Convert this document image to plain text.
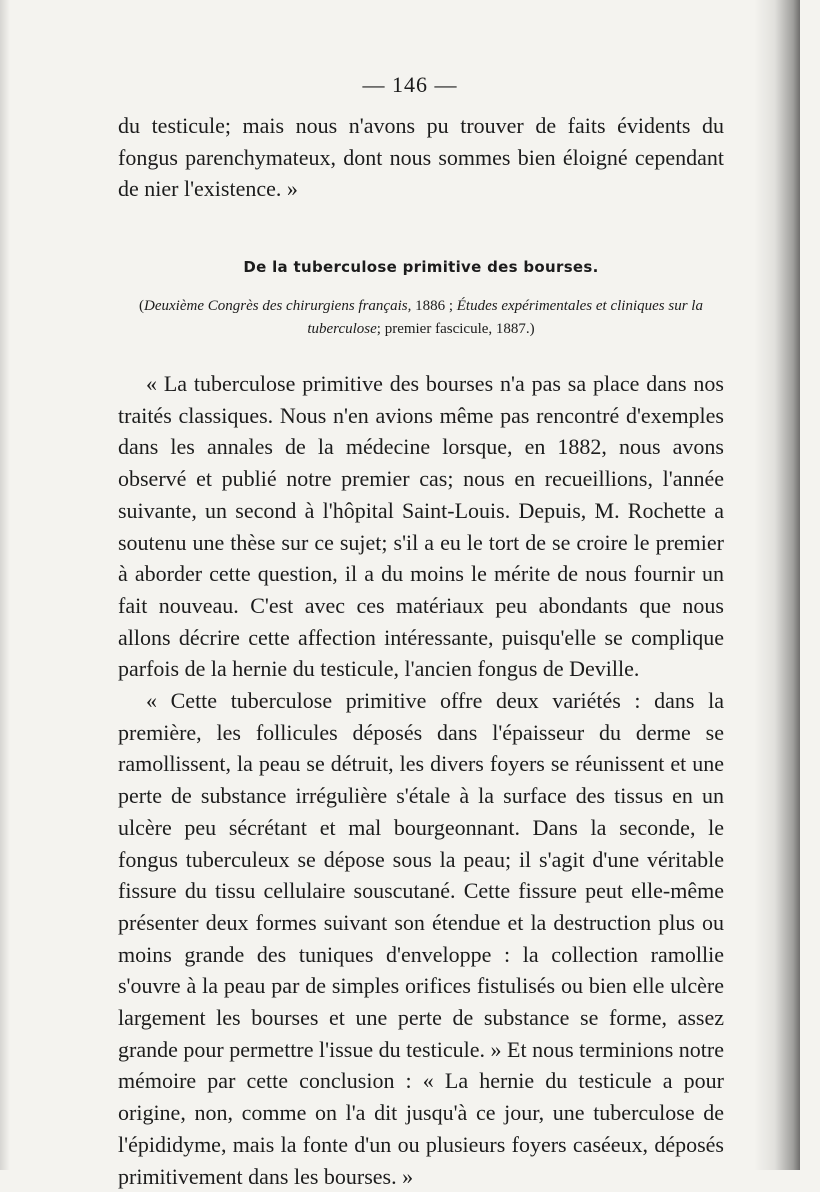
— 146 —

du testicule; mais nous n'avons pu trouver de faits évidents du fongus parenchymateux, dont nous sommes bien éloigné cependant de nier l'existence. »

De la tuberculose primitive des bourses.
(Deuxième Congrès des chirurgiens français, 1886 ; Études expérimentales et cliniques sur la tuberculose; premier fascicule, 1887.)

« La tuberculose primitive des bourses n'a pas sa place dans nos traités classiques. Nous n'en avions même pas rencontré d'exemples dans les annales de la médecine lorsque, en 1882, nous avons observé et publié notre premier cas; nous en recueillions, l'année suivante, un second à l'hôpital Saint-Louis. Depuis, M. Rochette a soutenu une thèse sur ce sujet; s'il a eu le tort de se croire le premier à aborder cette question, il a du moins le mérite de nous fournir un fait nouveau. C'est avec ces matériaux peu abondants que nous allons décrire cette affection intéressante, puisqu'elle se complique parfois de la hernie du testicule, l'ancien fongus de Deville.

« Cette tuberculose primitive offre deux variétés : dans la première, les follicules déposés dans l'épaisseur du derme se ramollissent, la peau se détruit, les divers foyers se réunissent et une perte de substance irrégulière s'étale à la surface des tissus en un ulcère peu sécrétant et mal bourgeonnant. Dans la seconde, le fongus tuberculeux se dépose sous la peau; il s'agit d'une véritable fissure du tissu cellulaire souscutané. Cette fissure peut elle-même présenter deux formes suivant son étendue et la destruction plus ou moins grande des tuniques d'enveloppe : la collection ramollie s'ouvre à la peau par de simples orifices fistulisés ou bien elle ulcère largement les bourses et une perte de substance se forme, assez grande pour permettre l'issue du testicule. » Et nous terminions notre mémoire par cette conclusion : « La hernie du testicule a pour origine, non, comme on l'a dit jusqu'à ce jour, une tuberculose de l'épididyme, mais la fonte d'un ou plusieurs foyers caséeux, déposés primitivement dans les bourses. »
